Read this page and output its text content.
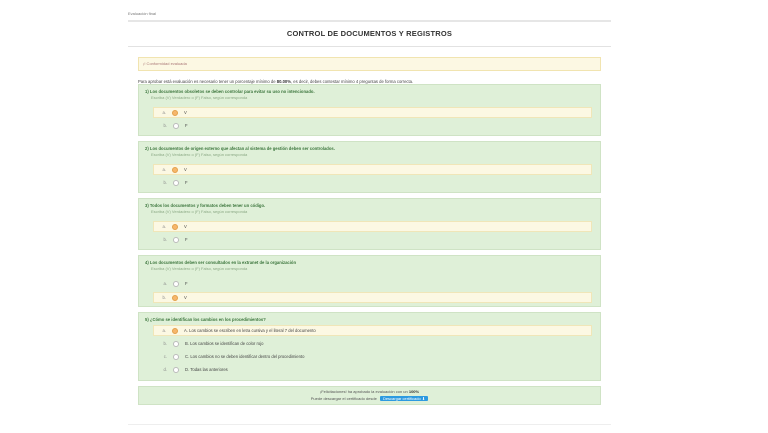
Evaluación final
CONTROL DE DOCUMENTOS Y REGISTROS
¡! Conformidad evaluada
Para aprobar está evaluación es necesario tener un porcentaje mínimo de 80.00%, es decir, debes contestar mínimo 4 preguntas de forma correcta.
1) Los documentos obsoletos se deben controlar para evitar su uso no intencionado.
Escriba (V) Verdadero o (F) Falso, según corresponda
a.	V
b.	F
2) Los documentos de origen externo que afectan al sistema de gestión deben ser controlados.
Escriba (V) Verdadero o (F) Falso, según corresponda
a.	V
b.	F
3) Todos los documentos y formatos deben tener un código.
Escriba (V) Verdadero o (F) Falso, según corresponda
a.	V
b.	F
4) Los documentos deben ser consultados en la extranet de la organización
Escriba (V) Verdadero o (F) Falso, según corresponda
a.	F
b.	V
5) ¿Cómo se identifican los cambios en los procedimientos?
a.	A. Los cambios se escriben en letra cursiva y el literal 7 del documento
b.	B. Los cambios se identifican de color rojo
c.	C. Los cambios no se deben identificar dentro del procedimiento
d.	D. Todas las anteriores
¡Felicitaciones! ha aprobado la evaluación con un 100%
Puede descargar el certificado desde Descargar certificado ⬇
